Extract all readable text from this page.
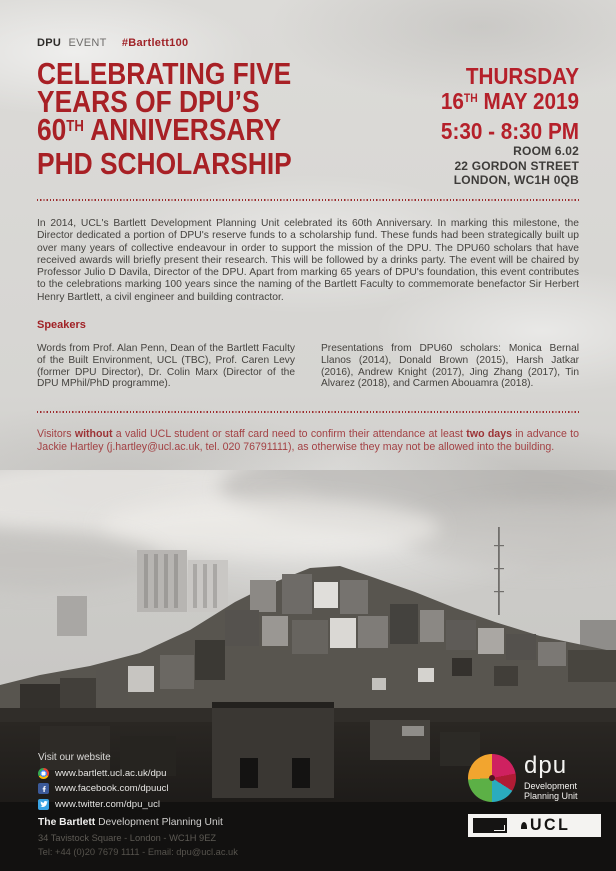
DPU EVENT #Bartlett100
CELEBRATING FIVE
YEARS OF DPU’S
60TH ANNIVERSARY
PHD SCHOLARSHIP
THURSDAY
16TH MAY 2019
5:30 - 8:30 PM
ROOM 6.02
22 GORDON STREET
LONDON, WC1H 0QB
In 2014, UCL's Bartlett Development Planning Unit celebrated its 60th Anniversary. In marking this milestone, the Director dedicated a portion of DPU's reserve funds to a scholarship fund. These funds had been strategically built up over many years of collective endeavour in order to support the mission of the DPU. The DPU60 scholars that have received awards will briefly present their research. This will be followed by a drinks party. The event will be chaired by Professor Julio D Davila, Director of the DPU. Apart from marking 65 years of DPU's foundation, this event contributes to the celebrations marking 100 years since the naming of the Bartlett Faculty to commemorate benefactor Sir Herbert Henry Bartlett, a civil engineer and building contractor.
Speakers
Words from Prof. Alan Penn, Dean of the Bartlett Faculty of the Built Environment, UCL (TBC), Prof. Caren Levy (former DPU Director), Dr. Colin Marx (Director of the DPU MPhil/PhD programme).
Presentations from DPU60 scholars: Monica Bernal Llanos (2014), Donald Brown (2015), Harsh Jatkar (2016), Andrew Knight (2017), Jing Zhang (2017), Tin Alvarez (2018), and Carmen Abouamra (2018).
Visitors without a valid UCL student or staff card need to confirm their attendance at least two days in advance to Jackie Hartley (j.hartley@ucl.ac.uk, tel. 020 76791111), as otherwise they may not be allowed into the building.
Visit our website
www.bartlett.ucl.ac.uk/dpu
www.facebook.com/dpuucl
www.twitter.com/dpu_ucl
The Bartlett Development Planning Unit
34 Tavistock Square - London - WC1H 9EZ
Tel: +44 (0)20 7679 1111 - Email: dpu@ucl.ac.uk
dpu
Development
Planning Unit
UCL
